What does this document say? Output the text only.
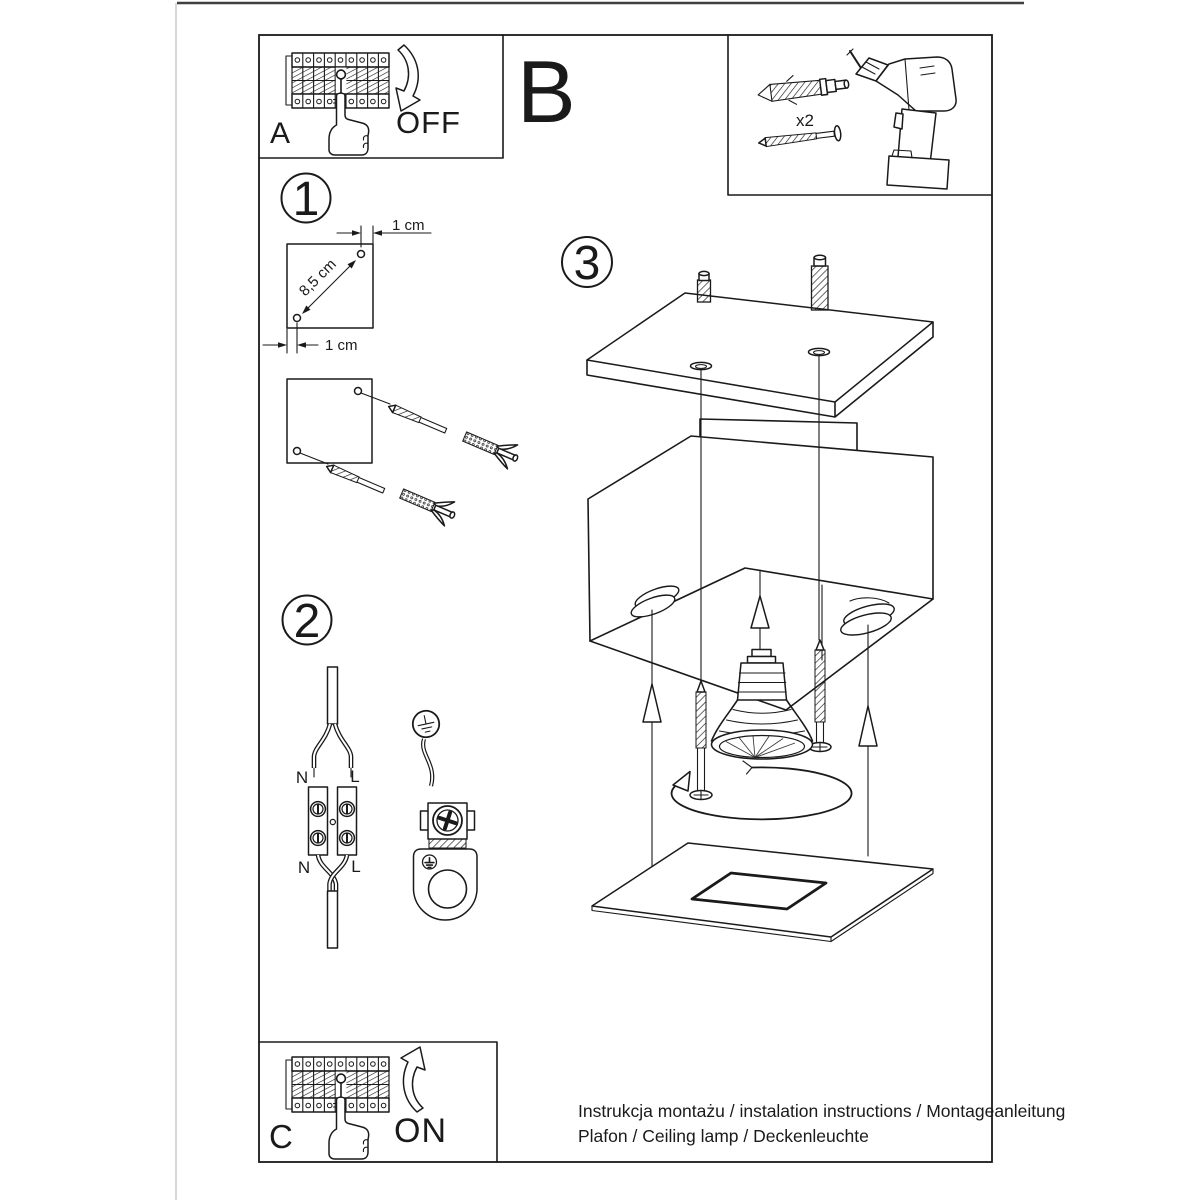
A	OFF B	x2
1
8,5 cm
1 cm
1 cm
2
N L
N L
3
C	ON
Instrukcja montażu / instalation instructions / Montageanleitung
Plafon / Ceiling lamp / Deckenleuchte
